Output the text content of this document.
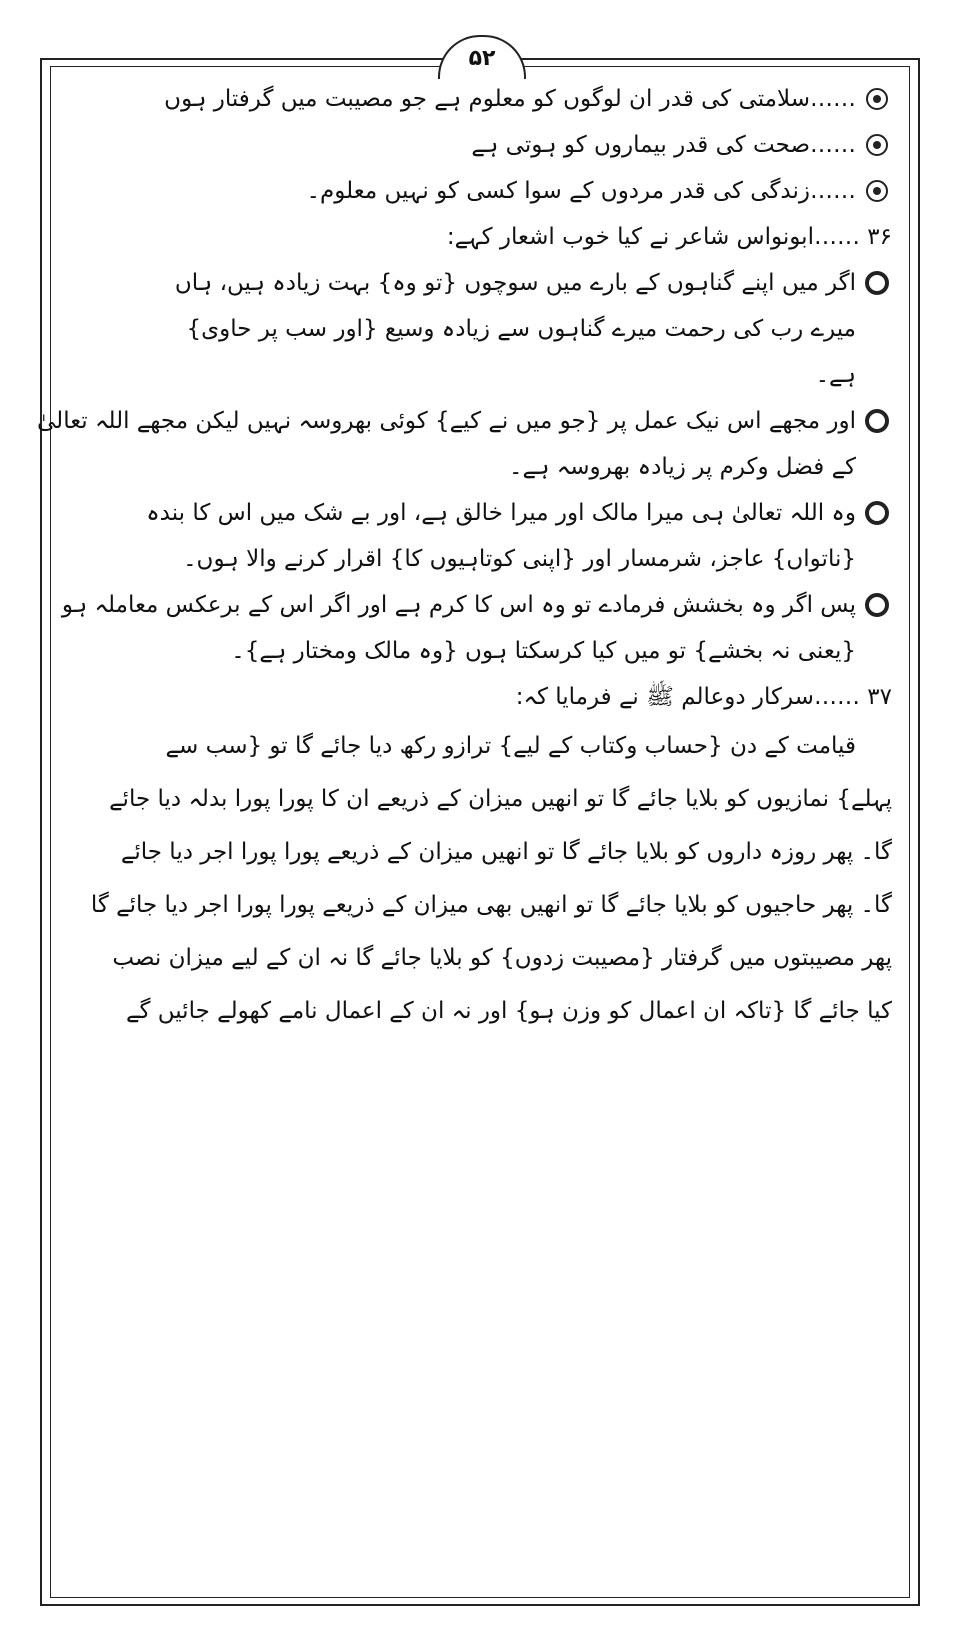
۵۲
……سلامتی کی قدر ان لوگوں کو معلوم ہے جو مصیبت میں گرفتار ہوں
……صحت کی قدر بیماروں کو ہوتی ہے
……زندگی کی قدر مردوں کے سوا کسی کو نہیں معلوم۔
۳۶ ……ابونواس شاعر نے کیا خوب اشعار کہے:
اگر میں اپنے گناہوں کے بارے میں سوچوں {تو وہ} بہت زیادہ ہیں، ہاں
میرے رب کی رحمت میرے گناہوں سے زیادہ وسیع {اور سب پر حاوی}
ہے۔
اور مجھے اس نیک عمل پر {جو میں نے کیے} کوئی بھروسہ نہیں لیکن مجھے اللہ تعالیٰ
کے فضل وکرم پر زیادہ بھروسہ ہے۔
وہ اللہ تعالیٰ ہی میرا مالک اور میرا خالق ہے، اور بے شک میں اس کا بندہ
{ناتواں} عاجز، شرمسار اور {اپنی کوتاہیوں کا} اقرار کرنے والا ہوں۔
پس اگر وہ بخشش فرمادے تو وہ اس کا کرم ہے اور اگر اس کے برعکس معاملہ ہو
{یعنی نہ بخشے} تو میں کیا کرسکتا ہوں {وہ مالک ومختار ہے}۔
۳۷ ……سرکار دوعالم ﷺ نے فرمایا کہ:
قیامت کے دن {حساب وکتاب کے لیے} ترازو رکھ دیا جائے گا تو {سب سے
پہلے} نمازیوں کو بلایا جائے گا تو انھیں میزان کے ذریعے ان کا پورا پورا بدلہ دیا جائے
گا۔ پھر روزہ داروں کو بلایا جائے گا تو انھیں میزان کے ذریعے پورا پورا اجر دیا جائے
گا۔ پھر حاجیوں کو بلایا جائے گا تو انھیں بھی میزان کے ذریعے پورا پورا اجر دیا جائے گا
پھر مصیبتوں میں گرفتار {مصیبت زدوں} کو بلایا جائے گا نہ ان کے لیے میزان نصب
کیا جائے گا {تاکہ ان اعمال کو وزن ہو} اور نہ ان کے اعمال نامے کھولے جائیں گے
